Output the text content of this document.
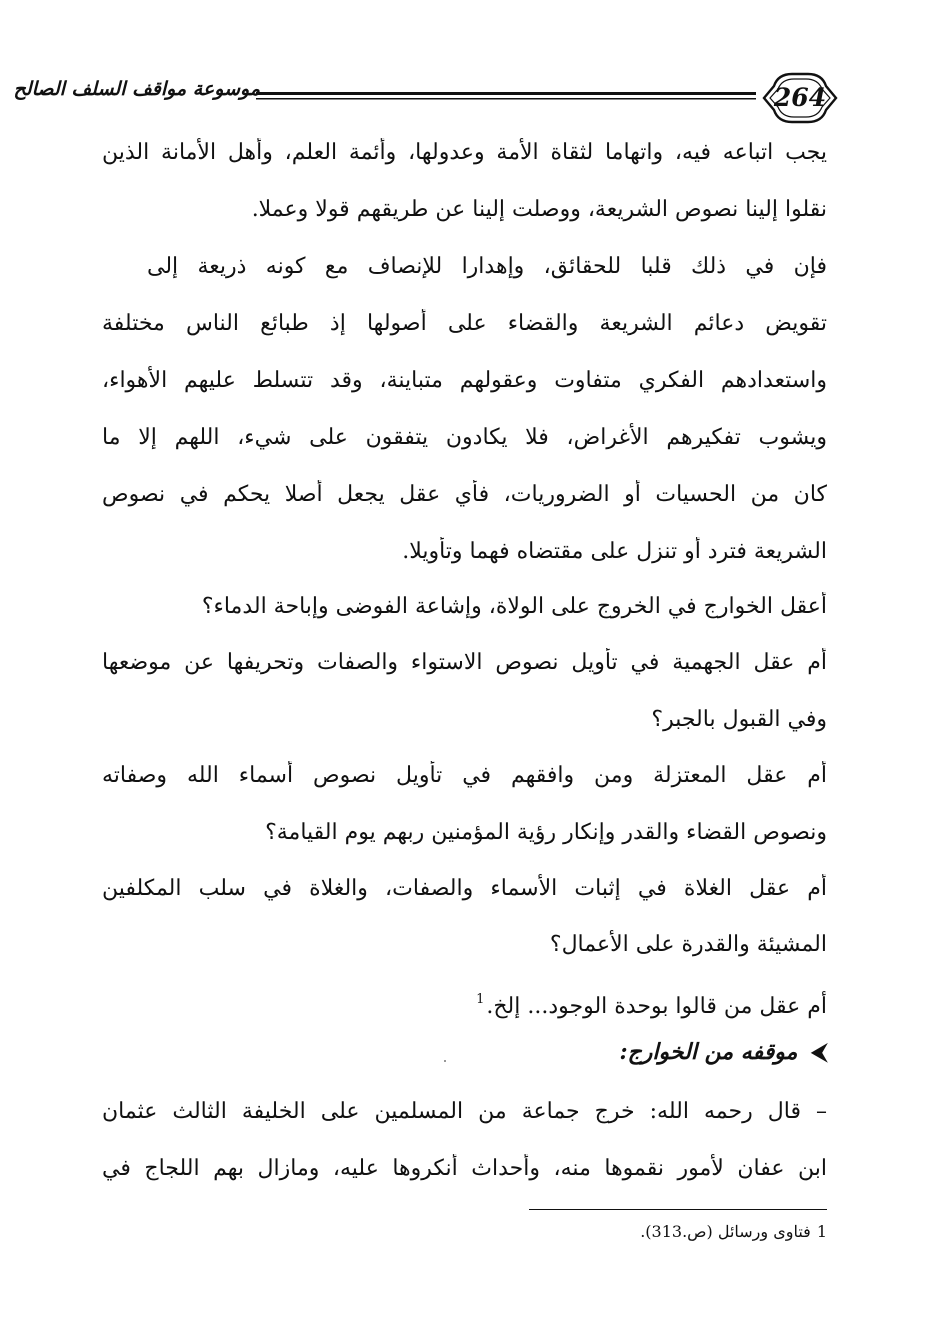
264
موسوعة مواقف السلف الصالح
يجب اتباعه فيه، واتهاما لثقاة الأمة وعدولها، وأئمة العلم، وأهل الأمانة الذين
نقلوا إلينا نصوص الشريعة، ووصلت إلينا عن طريقهم قولا وعملا.
فإن في ذلك قلبا للحقائق، وإهدارا للإنصاف مع كونه ذريعة إلى
تقويض دعائم الشريعة والقضاء على أصولها إذ طبائع الناس مختلفة
واستعدادهم الفكري متفاوت وعقولهم متباينة، وقد تتسلط عليهم الأهواء،
ويشوب تفكيرهم الأغراض، فلا يكادون يتفقون على شيء، اللهم إلا ما
كان من الحسيات أو الضروريات، فأي عقل يجعل أصلا يحكم في نصوص
الشريعة فترد أو تنزل على مقتضاه فهما وتأويلا.
أعقل الخوارج في الخروج على الولاة، وإشاعة الفوضى وإباحة الدماء؟
أم عقل الجهمية في تأويل نصوص الاستواء والصفات وتحريفها عن موضعها
وفي القبول بالجبر؟
أم عقل المعتزلة ومن وافقهم في تأويل نصوص أسماء الله وصفاته
ونصوص القضاء والقدر وإنكار رؤية المؤمنين ربهم يوم القيامة؟
أم عقل الغلاة في إثبات الأسماء والصفات، والغلاة في سلب المكلفين
المشيئة والقدرة على الأعمال؟
أم عقل من قالوا بوحدة الوجود... إلخ.$^1$
⮜موقفه من الخوارج:
– قال رحمه الله: خرج جماعة من المسلمين على الخليفة الثالث عثمان
ابن عفان لأمور نقموها منه، وأحداث أنكروها عليه، ومازال بهم اللجاج في
1فتاوى ورسائل (ص.313).
